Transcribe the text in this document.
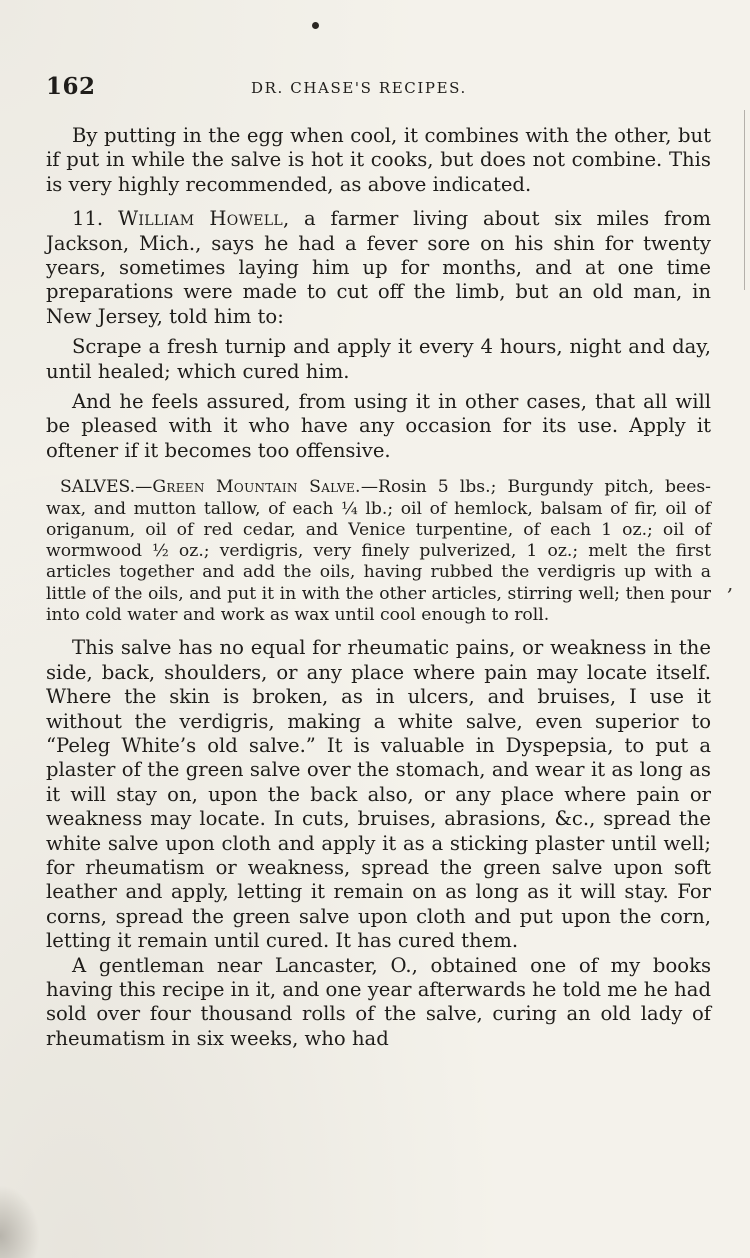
162	DR. CHASE'S RECIPES.

By putting in the egg when cool, it combines with the other, but if put in while the salve is hot it cooks, but does not combine. This is very highly recommended, as above indicated.

11. William Howell, a farmer living about six miles from Jackson, Mich., says he had a fever sore on his shin for twenty years, sometimes laying him up for months, and at one time preparations were made to cut off the limb, but an old man, in New Jersey, told him to:

Scrape a fresh turnip and apply it every 4 hours, night and day, until healed; which cured him.

And he feels assured, from using it in other cases, that all will be pleased with it who have any occasion for its use. Apply it oftener if it becomes too offensive.

SALVES.—Green Mountain Salve.—Rosin 5 lbs.; Burgundy pitch, bees-wax, and mutton tallow, of each ¼ lb.; oil of hemlock, balsam of fir, oil of origanum, oil of red cedar, and Venice turpentine, of each 1 oz.; oil of wormwood ½ oz.; verdigris, very finely pulverized, 1 oz.; melt the first articles together and add the oils, having rubbed the verdigris up with a little of the oils, and put it in with the other articles, stirring well; then pour into cold water and work as wax until cool enough to roll.

This salve has no equal for rheumatic pains, or weakness in the side, back, shoulders, or any place where pain may locate itself. Where the skin is broken, as in ulcers, and bruises, I use it without the verdigris, making a white salve, even superior to “Peleg White’s old salve.” It is valuable in Dyspepsia, to put a plaster of the green salve over the stomach, and wear it as long as it will stay on, upon the back also, or any place where pain or weakness may locate. In cuts, bruises, abrasions, &c., spread the white salve upon cloth and apply it as a sticking plaster until well; for rheumatism or weakness, spread the green salve upon soft leather and apply, letting it remain on as long as it will stay. For corns, spread the green salve upon cloth and put upon the corn, letting it remain until cured. It has cured them.

A gentleman near Lancaster, O., obtained one of my books having this recipe in it, and one year afterwards he told me he had sold over four thousand rolls of the salve, curing an old lady of rheumatism in six weeks, who had

,
